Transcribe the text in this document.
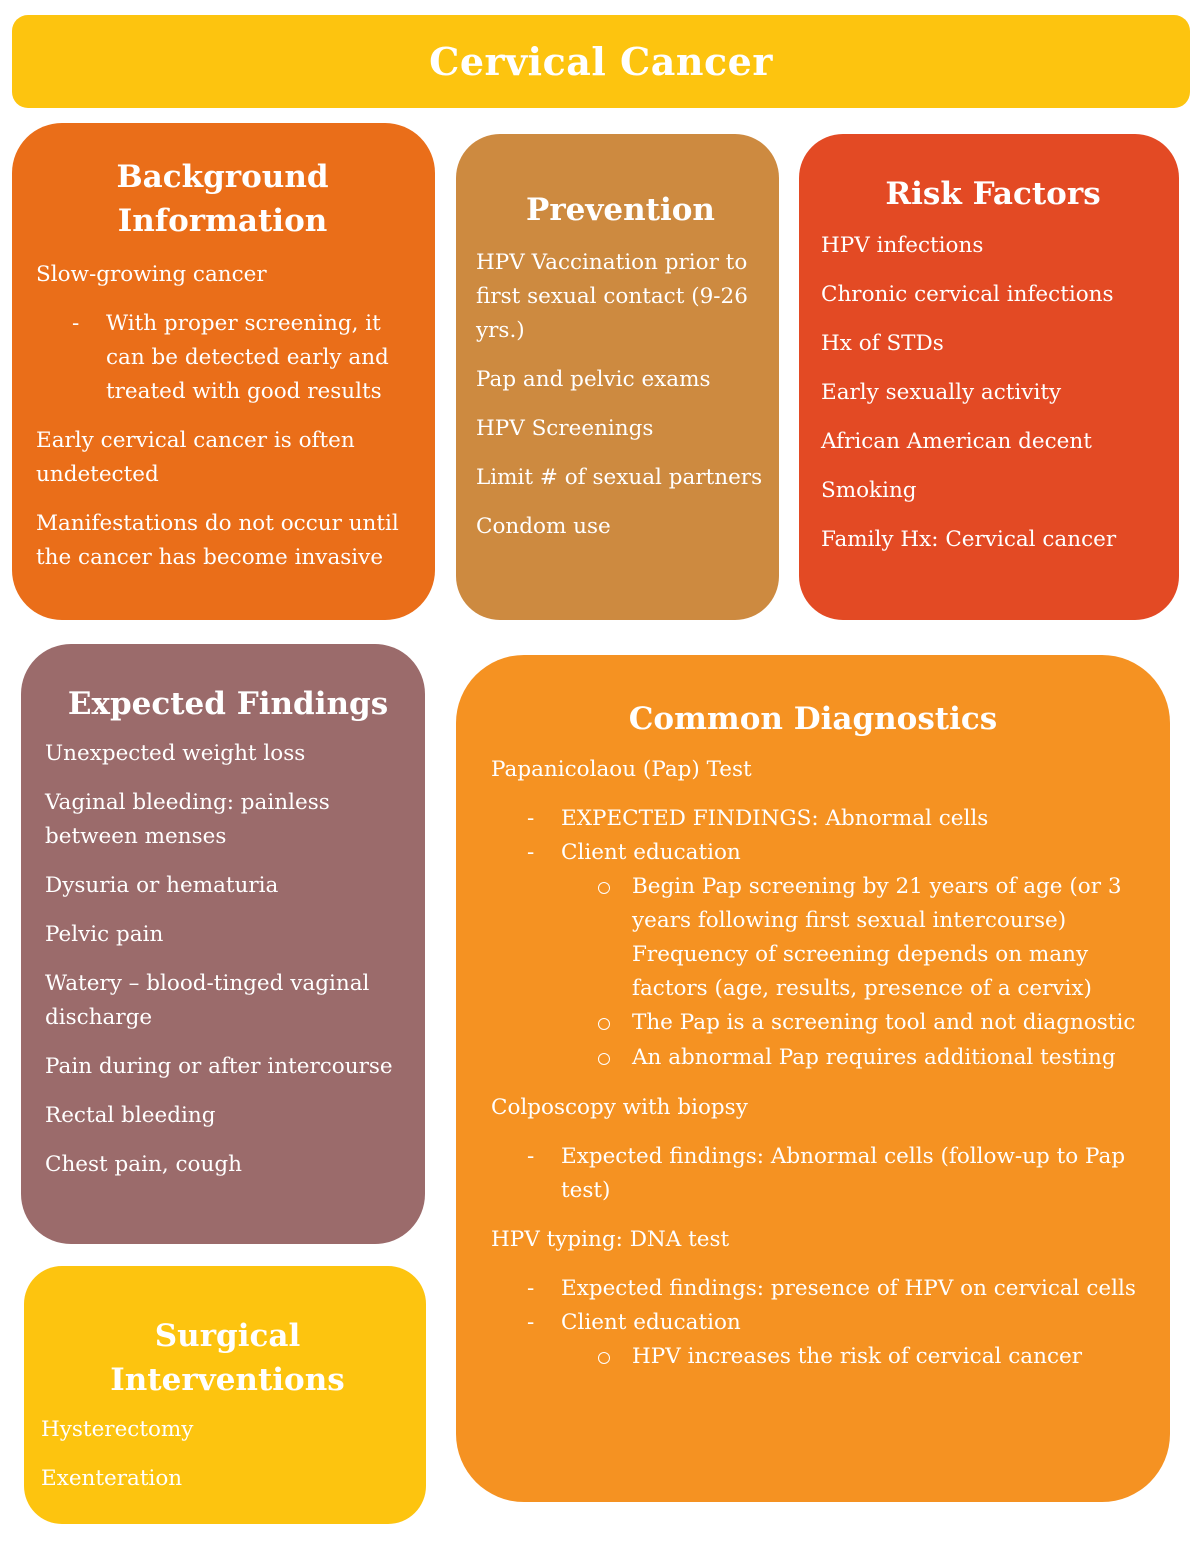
Cervical Cancer
Background Information

Slow-growing cancer

-	With proper screening, it can be detected early and treated with good results

Early cervical cancer is often undetected

Manifestations do not occur until the cancer has become invasive

Prevention

HPV Vaccination prior to first sexual contact (9-26 yrs.)

Pap and pelvic exams

HPV Screenings

Limit # of sexual partners

Condom use

Risk Factors

HPV infections

Chronic cervical infections

Hx of STDs

Early sexually activity

African American decent

Smoking

Family Hx: Cervical cancer

Expected Findings

Unexpected weight loss

Vaginal bleeding: painless between menses

Dysuria or hematuria

Pelvic pain

Watery – blood-tinged vaginal discharge

Pain during or after intercourse

Rectal bleeding

Chest pain, cough

Surgical Interventions

Hysterectomy

Exenteration

Common Diagnostics

Papanicolaou (Pap) Test

-	EXPECTED FINDINGS: Abnormal cells
-	Client education
Begin Pap screening by 21 years of age (or 3 years following first sexual intercourse) Frequency of screening depends on many factors (age, results, presence of a cervix)
The Pap is a screening tool and not diagnostic
An abnormal Pap requires additional testing

Colposcopy with biopsy

-	Expected findings: Abnormal cells (follow-up to Pap test)

HPV typing: DNA test

-	Expected findings: presence of HPV on cervical cells
-	Client education
HPV increases the risk of cervical cancer
